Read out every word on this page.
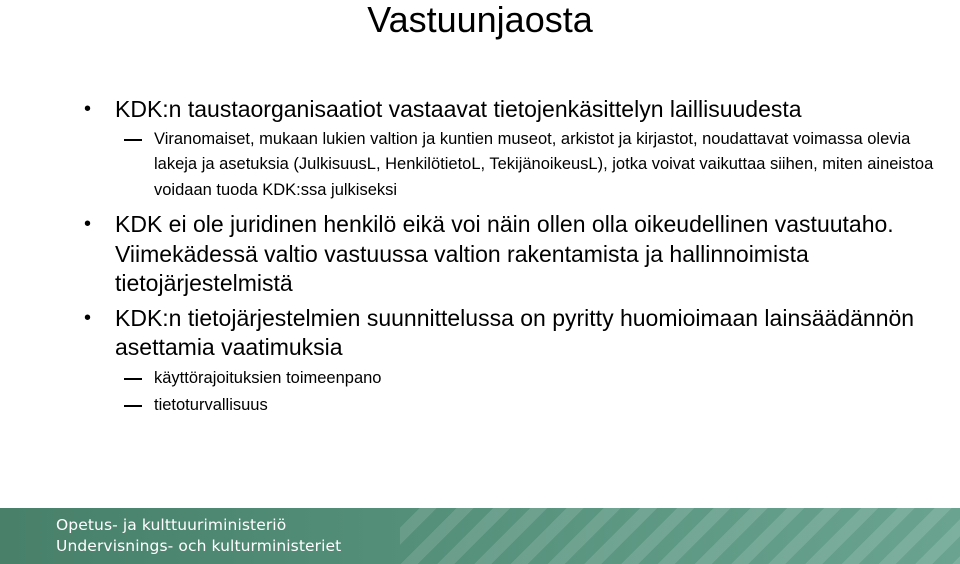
Vastuunjaosta
• KDK:n taustaorganisaatiot vastaavat tietojenkäsittelyn laillisuudesta
Viranomaiset, mukaan lukien valtion ja kuntien museot, arkistot ja kirjastot, noudattavat voimassa olevia lakeja ja asetuksia (JulkisuusL, HenkilötietoL, TekijänoikeusL), jotka voivat vaikuttaa siihen, miten aineistoa voidaan tuoda KDK:ssa julkiseksi
• KDK ei ole juridinen henkilö eikä voi näin ollen olla oikeudellinen vastuutaho. Viimekädessä valtio vastuussa valtion rakentamista ja hallinnoimista tietojärjestelmistä
• KDK:n tietojärjestelmien suunnittelussa on pyritty huomioimaan lainsäädännön asettamia vaatimuksia
käyttörajoituksien toimeenpano
tietoturvallisuus
Opetus- ja kulttuuriministeriö
Undervisnings- och kulturministeriet
